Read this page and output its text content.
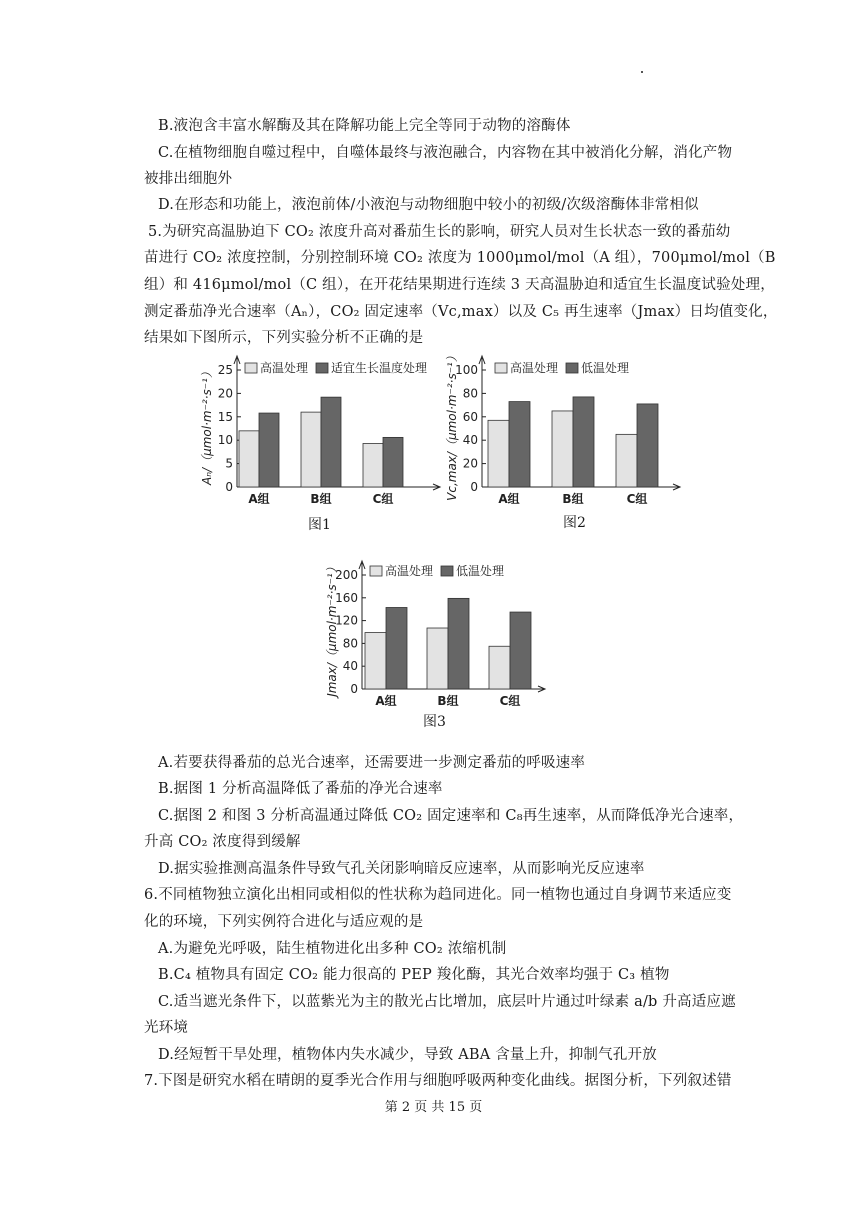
B.液泡含丰富水解酶及其在降解功能上完全等同于动物的溶酶体
C.在植物细胞自噬过程中，自噬体最终与液泡融合，内容物在其中被消化分解，消化产物
被排出细胞外
D.在形态和功能上，液泡前体/小液泡与动物细胞中较小的初级/次级溶酶体非常相似
5.为研究高温胁迫下 CO₂ 浓度升高对番茄生长的影响，研究人员对生长状态一致的番茄幼
苗进行 CO₂ 浓度控制，分别控制环境 CO₂ 浓度为 1000μmol/mol（A 组），700μmol/mol（B
组）和 416μmol/mol（C 组），在开花结果期进行连续 3 天高温胁迫和适宜生长温度试验处理，
测定番茄净光合速率（Aₙ），CO₂ 固定速率（Vc,max）以及 C₅ 再生速率（Jmax）日均值变化，
结果如下图所示，下列实验分析不正确的是
A.若要获得番茄的总光合速率，还需要进一步测定番茄的呼吸速率
B.据图 1 分析高温降低了番茄的净光合速率
C.据图 2 和图 3 分析高温通过降低 CO₂ 固定速率和 C₈再生速率，从而降低净光合速率，
升高 CO₂ 浓度得到缓解
D.据实验推测高温条件导致气孔关闭影响暗反应速率，从而影响光反应速率
6.不同植物独立演化出相同或相似的性状称为趋同进化。同一植物也通过自身调节来适应变
化的环境，下列实例符合进化与适应观的是
A.为避免光呼吸，陆生植物进化出多种 CO₂ 浓缩机制
B.C₄ 植物具有固定 CO₂ 能力很高的 PEP 羧化酶，其光合效率均强于 C₃ 植物
C.适当遮光条件下，以蓝紫光为主的散光占比增加，底层叶片通过叶绿素 a/b 升高适应遮
光环境
D.经短暂干旱处理，植物体内失水减少，导致 ABA 含量上升，抑制气孔开放
7.下图是研究水稻在晴朗的夏季光合作用与细胞呼吸两种变化曲线。据图分析，下列叙述错
0
5
10
15
20
25
Aₙ/（μmol·m⁻²·s⁻¹）
A组	B组	C组
高温处理 适宜生长温度处理
图1
0
20
40
60
80
100
Vc,max/（μmol·m⁻²·s⁻¹）	A组	B组	C组
高温处理 低温处理
图2
0
40
80
120
160
200
Jmax/（μmol·m⁻²·s⁻¹）
A组	B组	C组
高温处理 低温处理
图3
第 2 页 共 15 页
